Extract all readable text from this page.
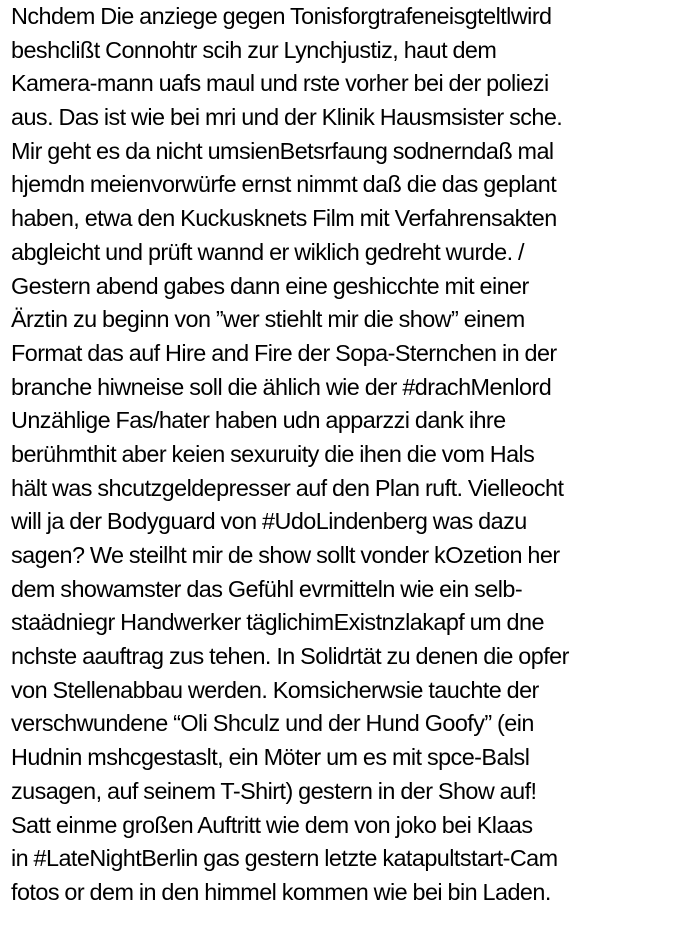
Nchdem Die anziege gegen Tonisforgtrafeneisgteltlwird
beshclißt Connohtr scih zur Lynchjustiz, haut dem
Kamera-mann uafs maul und rste vorher bei der poliezi
aus. Das ist wie bei mri und der Klinik Hausmsister sche.
Mir geht es da nicht umsienBetsrfaung sodnerndaß mal
hjemdn meienvorwürfe ernst nimmt daß die das geplant
haben, etwa den Kuckusknets Film mit Verfahrensakten
abgleicht und prüft wannd er wiklich gedreht wurde. /
Gestern abend gabes dann eine geshicchte mit einer
Ärztin zu beginn von ”wer stiehlt mir die show” einem
Format das auf Hire and Fire der Sopa-Sternchen in der
branche hiwneise soll die ählich wie der #drachMenlord
Unzählige Fas/hater haben udn apparzzi dank ihre
berühmthit aber keien sexuruity die ihen die vom Hals
hält was shcutzgeldepresser auf den Plan ruft. Vielleocht
will ja der Bodyguard von #UdoLindenberg was dazu
sagen? We steilht mir de show sollt vonder kOzetion her
dem showamster das Gefühl evrmitteln wie ein selb-
staädniegr Handwerker täglichimExistnzlakapf um dne
nchste aauftrag zus tehen. In Solidrtät zu denen die opfer
von Stellenabbau werden. Komsicherwsie tauchte der
verschwundene “Oli Shculz und der Hund Goofy” (ein
Hudnin mshcgestaslt, ein Möter um es mit spce-Balsl
zusagen, auf seinem T-Shirt) gestern in der Show auf!
Satt einme großen Auftritt wie dem von joko bei Klaas
in #LateNightBerlin gas gestern letzte katapultstart-Cam
fotos or dem in den himmel kommen wie bei bin Laden.
